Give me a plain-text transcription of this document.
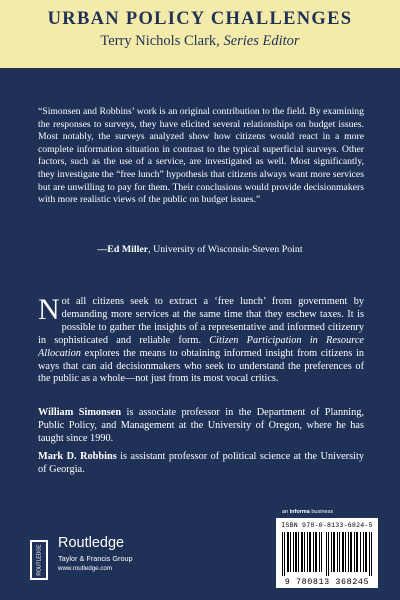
URBAN POLICY CHALLENGES
Terry Nichols Clark, Series Editor

“Simonsen and Robbins’ work is an original contribution to the field. By examining the responses to surveys, they have elicited several relationships on budget issues. Most notably, the surveys analyzed show how citizens would react in a more complete information situation in contrast to the typical superficial surveys. Other factors, such as the use of a service, are investigated as well. Most significantly, they investigate the “free lunch” hypothesis that citizens always want more services but are unwilling to pay for them. Their conclusions would provide decisionmakers with more realistic views of the public on budget issues.”

—Ed Miller, University of Wisconsin-Steven Point

Not all citizens seek to extract a ‘free lunch’ from government by demanding more services at the same time that they eschew taxes. It is possible to gather the insights of a representative and informed citizenry in sophisticated and reliable form. Citizen Participation in Resource Allocation explores the means to obtaining informed insight from citizens in ways that can aid decisionmakers who seek to understand the preferences of the public as a whole—not just from its most vocal critics.

William Simonsen is associate professor in the Department of Planning, Public Policy, and Management at the University of Oregon, where he has taught since 1990.

Mark D. Robbins is assistant professor of political science at the University of Georgia.

an informa business
ISBN 978-0-8133-6824-5
9 780813 368245
ROUTLEDGE
Routledge
Taylor & Francis Group
www.routledge.com
